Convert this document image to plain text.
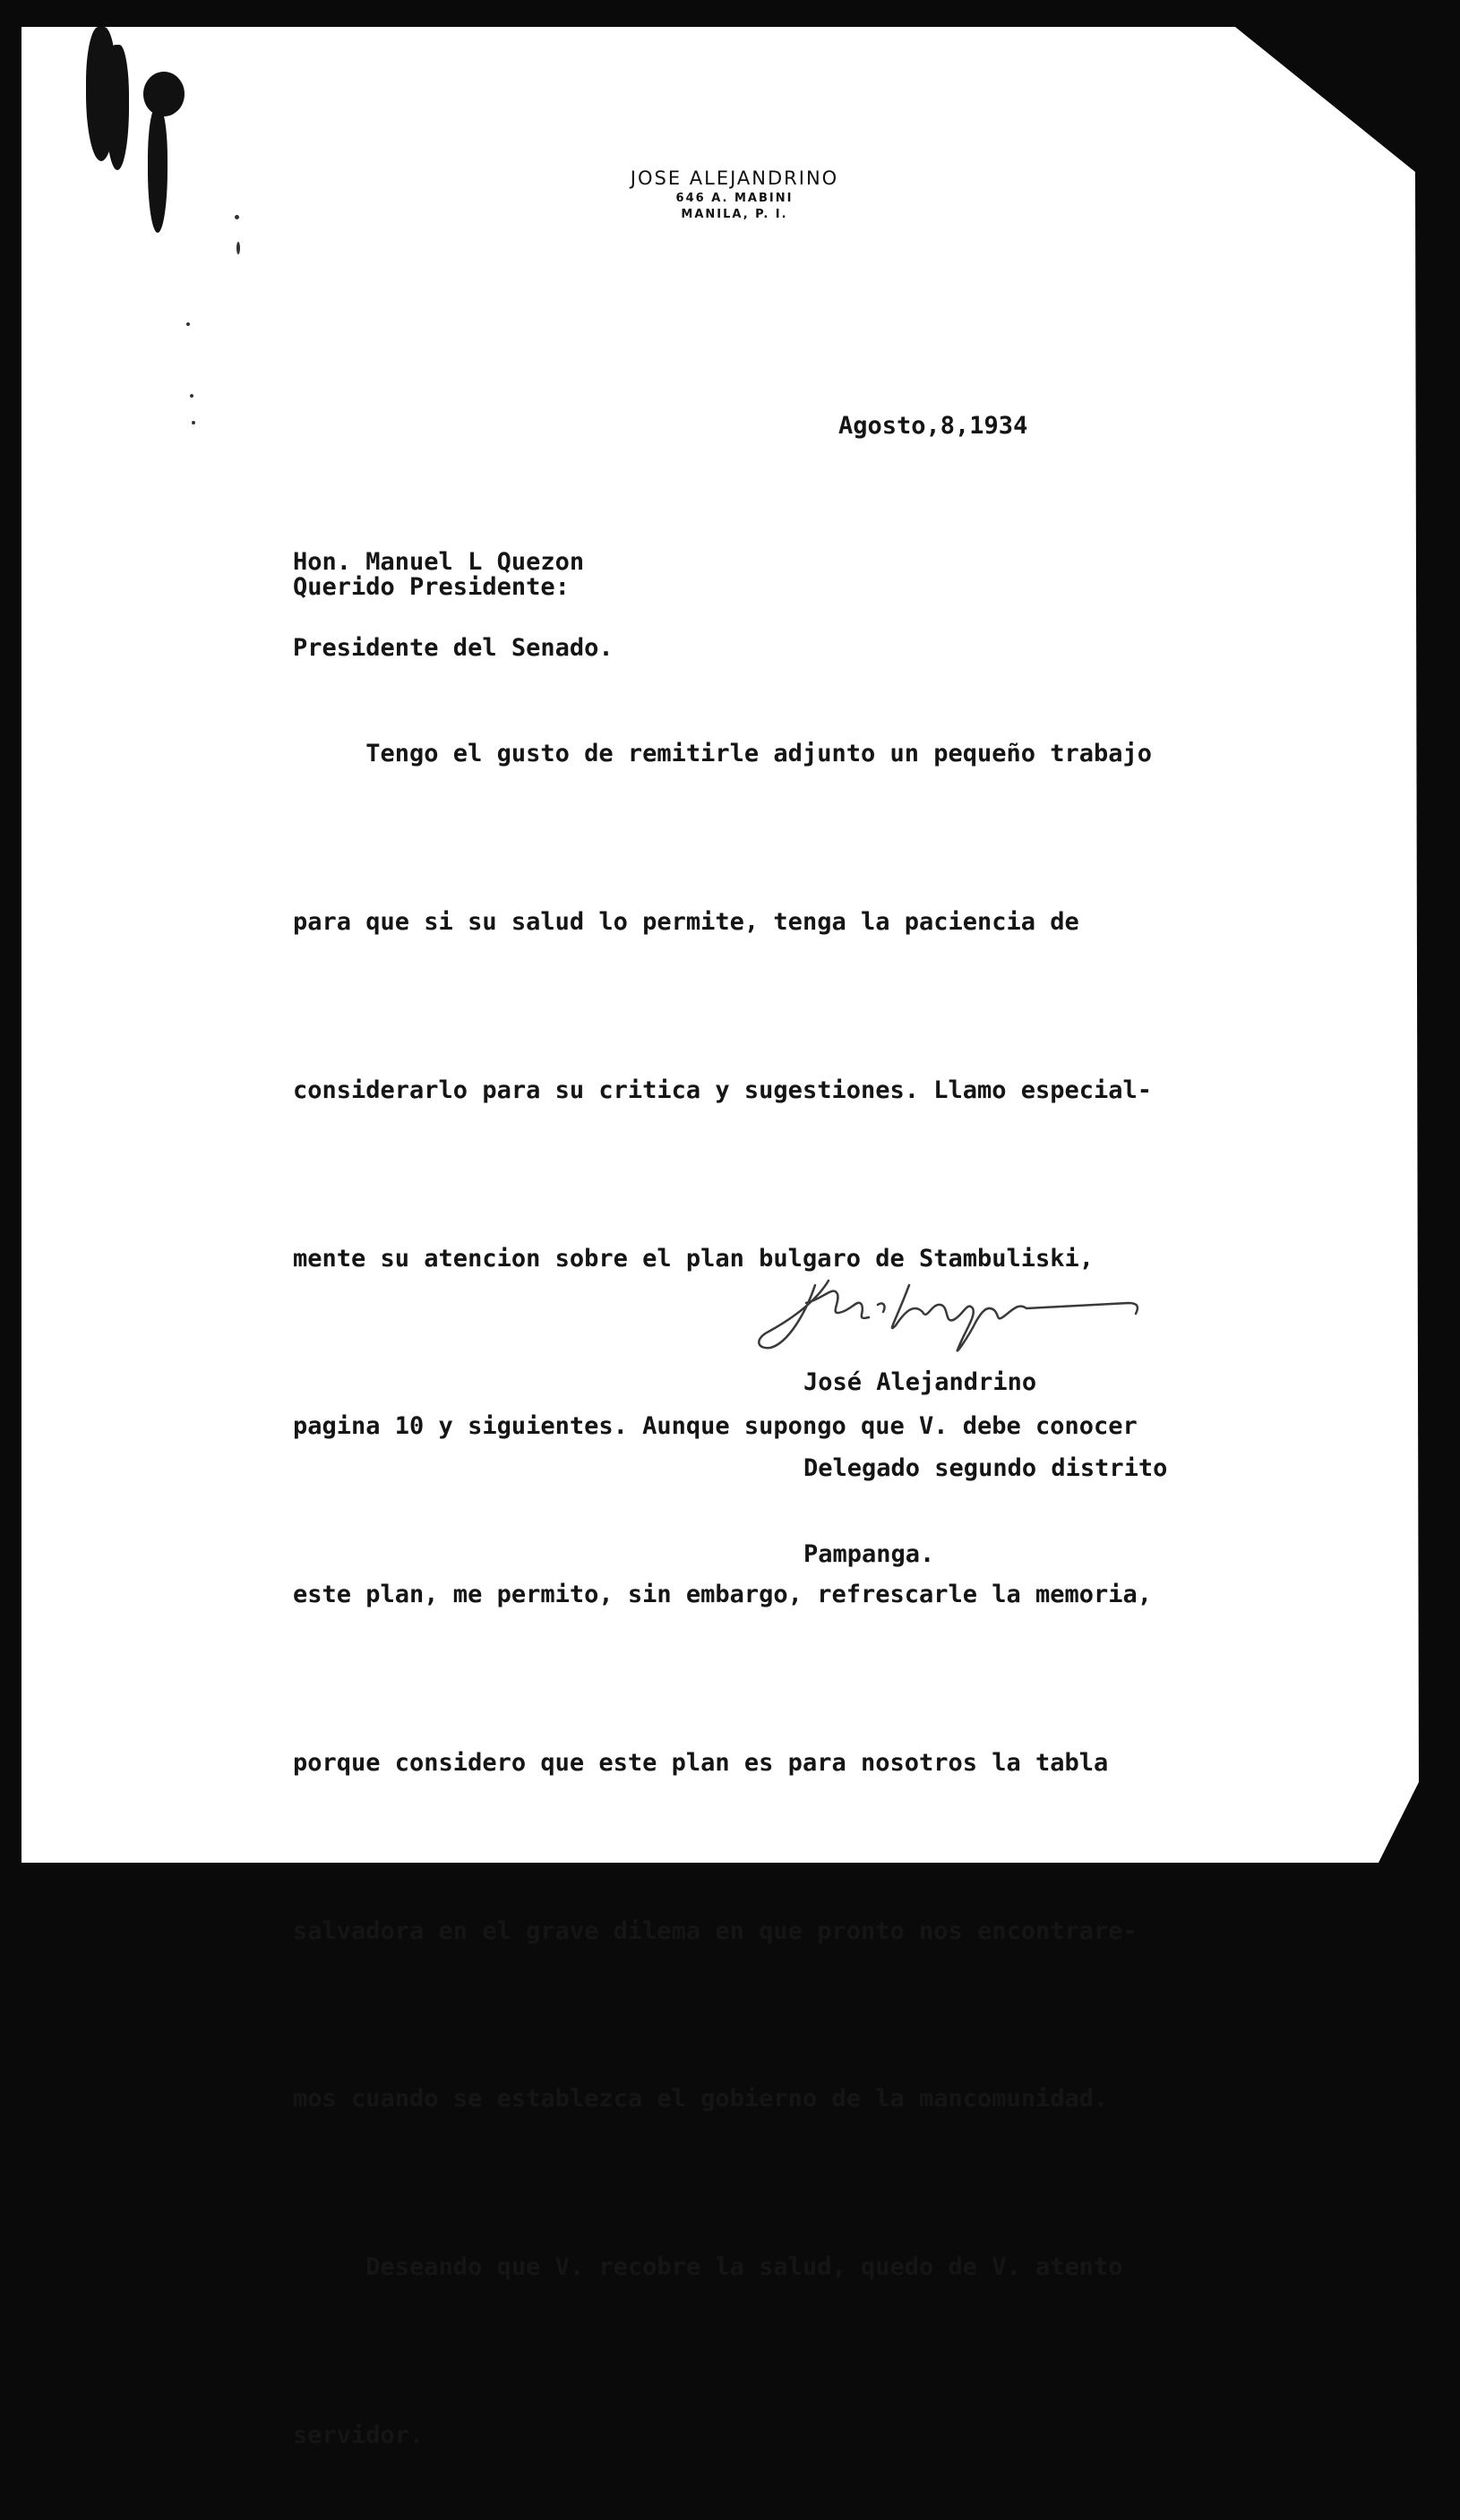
JOSE ALEJANDRINO
646 A. MABINI
MANILA, P. I.
Agosto,8,1934

Hon. Manuel L Quezon

Presidente del Senado.

Querido Presidente:

Tengo el gusto de remitirle adjunto un pequeño trabajo

para que si su salud lo permite, tenga la paciencia de

considerarlo para su critica y sugestiones. Llamo especial-

mente su atencion sobre el plan bulgaro de Stambuliski,

pagina 10 y siguientes. Aunque supongo que V. debe conocer

este plan, me permito, sin embargo, refrescarle la memoria,

porque considero que este plan es para nosotros la tabla

salvadora en el grave dilema en que pronto nos encontrare-

mos cuando se establezca el gobierno de la mancomunidad.

Deseando que V. recobre la salud, quedo de V. atento

servidor.

José Alejandrino

Delegado segundo distrito

Pampanga.
